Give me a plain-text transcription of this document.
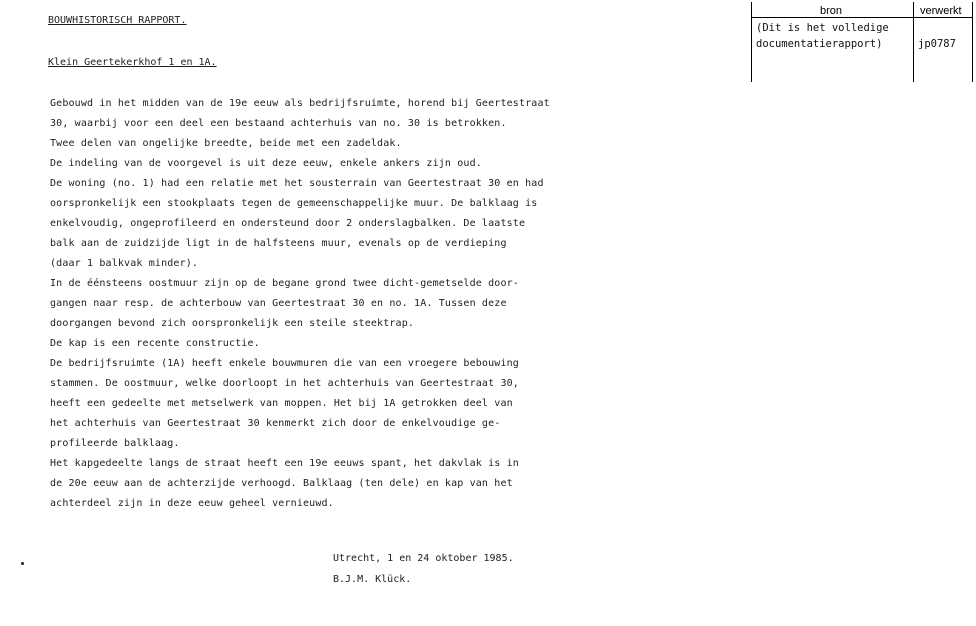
BOUWHISTORISCH RAPPORT.
Klein Geertekerkhof 1 en 1A.
bron	verwerkt
(Dit is het volledige
documentatierapport)	jp0787
Gebouwd in het midden van de 19e eeuw als bedrijfsruimte, horend bij Geertestraat
30, waarbij voor een deel een bestaand achterhuis van no. 30 is betrokken.
Twee delen van ongelijke breedte, beide met een zadeldak.
De indeling van de voorgevel is uit deze eeuw, enkele ankers zijn oud.
De woning (no. 1) had een relatie met het sousterrain van Geertestraat 30 en had
oorspronkelijk een stookplaats tegen de gemeenschappelijke muur. De balklaag is
enkelvoudig, ongeprofileerd en ondersteund door 2 onderslagbalken. De laatste
balk aan de zuidzijde ligt in de halfsteens muur, evenals op de verdieping
(daar 1 balkvak minder).
In de éénsteens oostmuur zijn op de begane grond twee dicht-gemetselde door-
gangen naar resp. de achterbouw van Geertestraat 30 en no. 1A. Tussen deze
doorgangen bevond zich oorspronkelijk een steile steektrap.
De kap is een recente constructie.
De bedrijfsruimte (1A) heeft enkele bouwmuren die van een vroegere bebouwing
stammen. De oostmuur, welke doorloopt in het achterhuis van Geertestraat 30,
heeft een gedeelte met metselwerk van moppen. Het bij 1A getrokken deel van
het achterhuis van Geertestraat 30 kenmerkt zich door de enkelvoudige ge-
profileerde balklaag.
Het kapgedeelte langs de straat heeft een 19e eeuws spant, het dakvlak is in
de 20e eeuw aan de achterzijde verhoogd. Balklaag (ten dele) en kap van het
achterdeel zijn in deze eeuw geheel vernieuwd.
Utrecht, 1 en 24 oktober 1985.
B.J.M. Klück.
